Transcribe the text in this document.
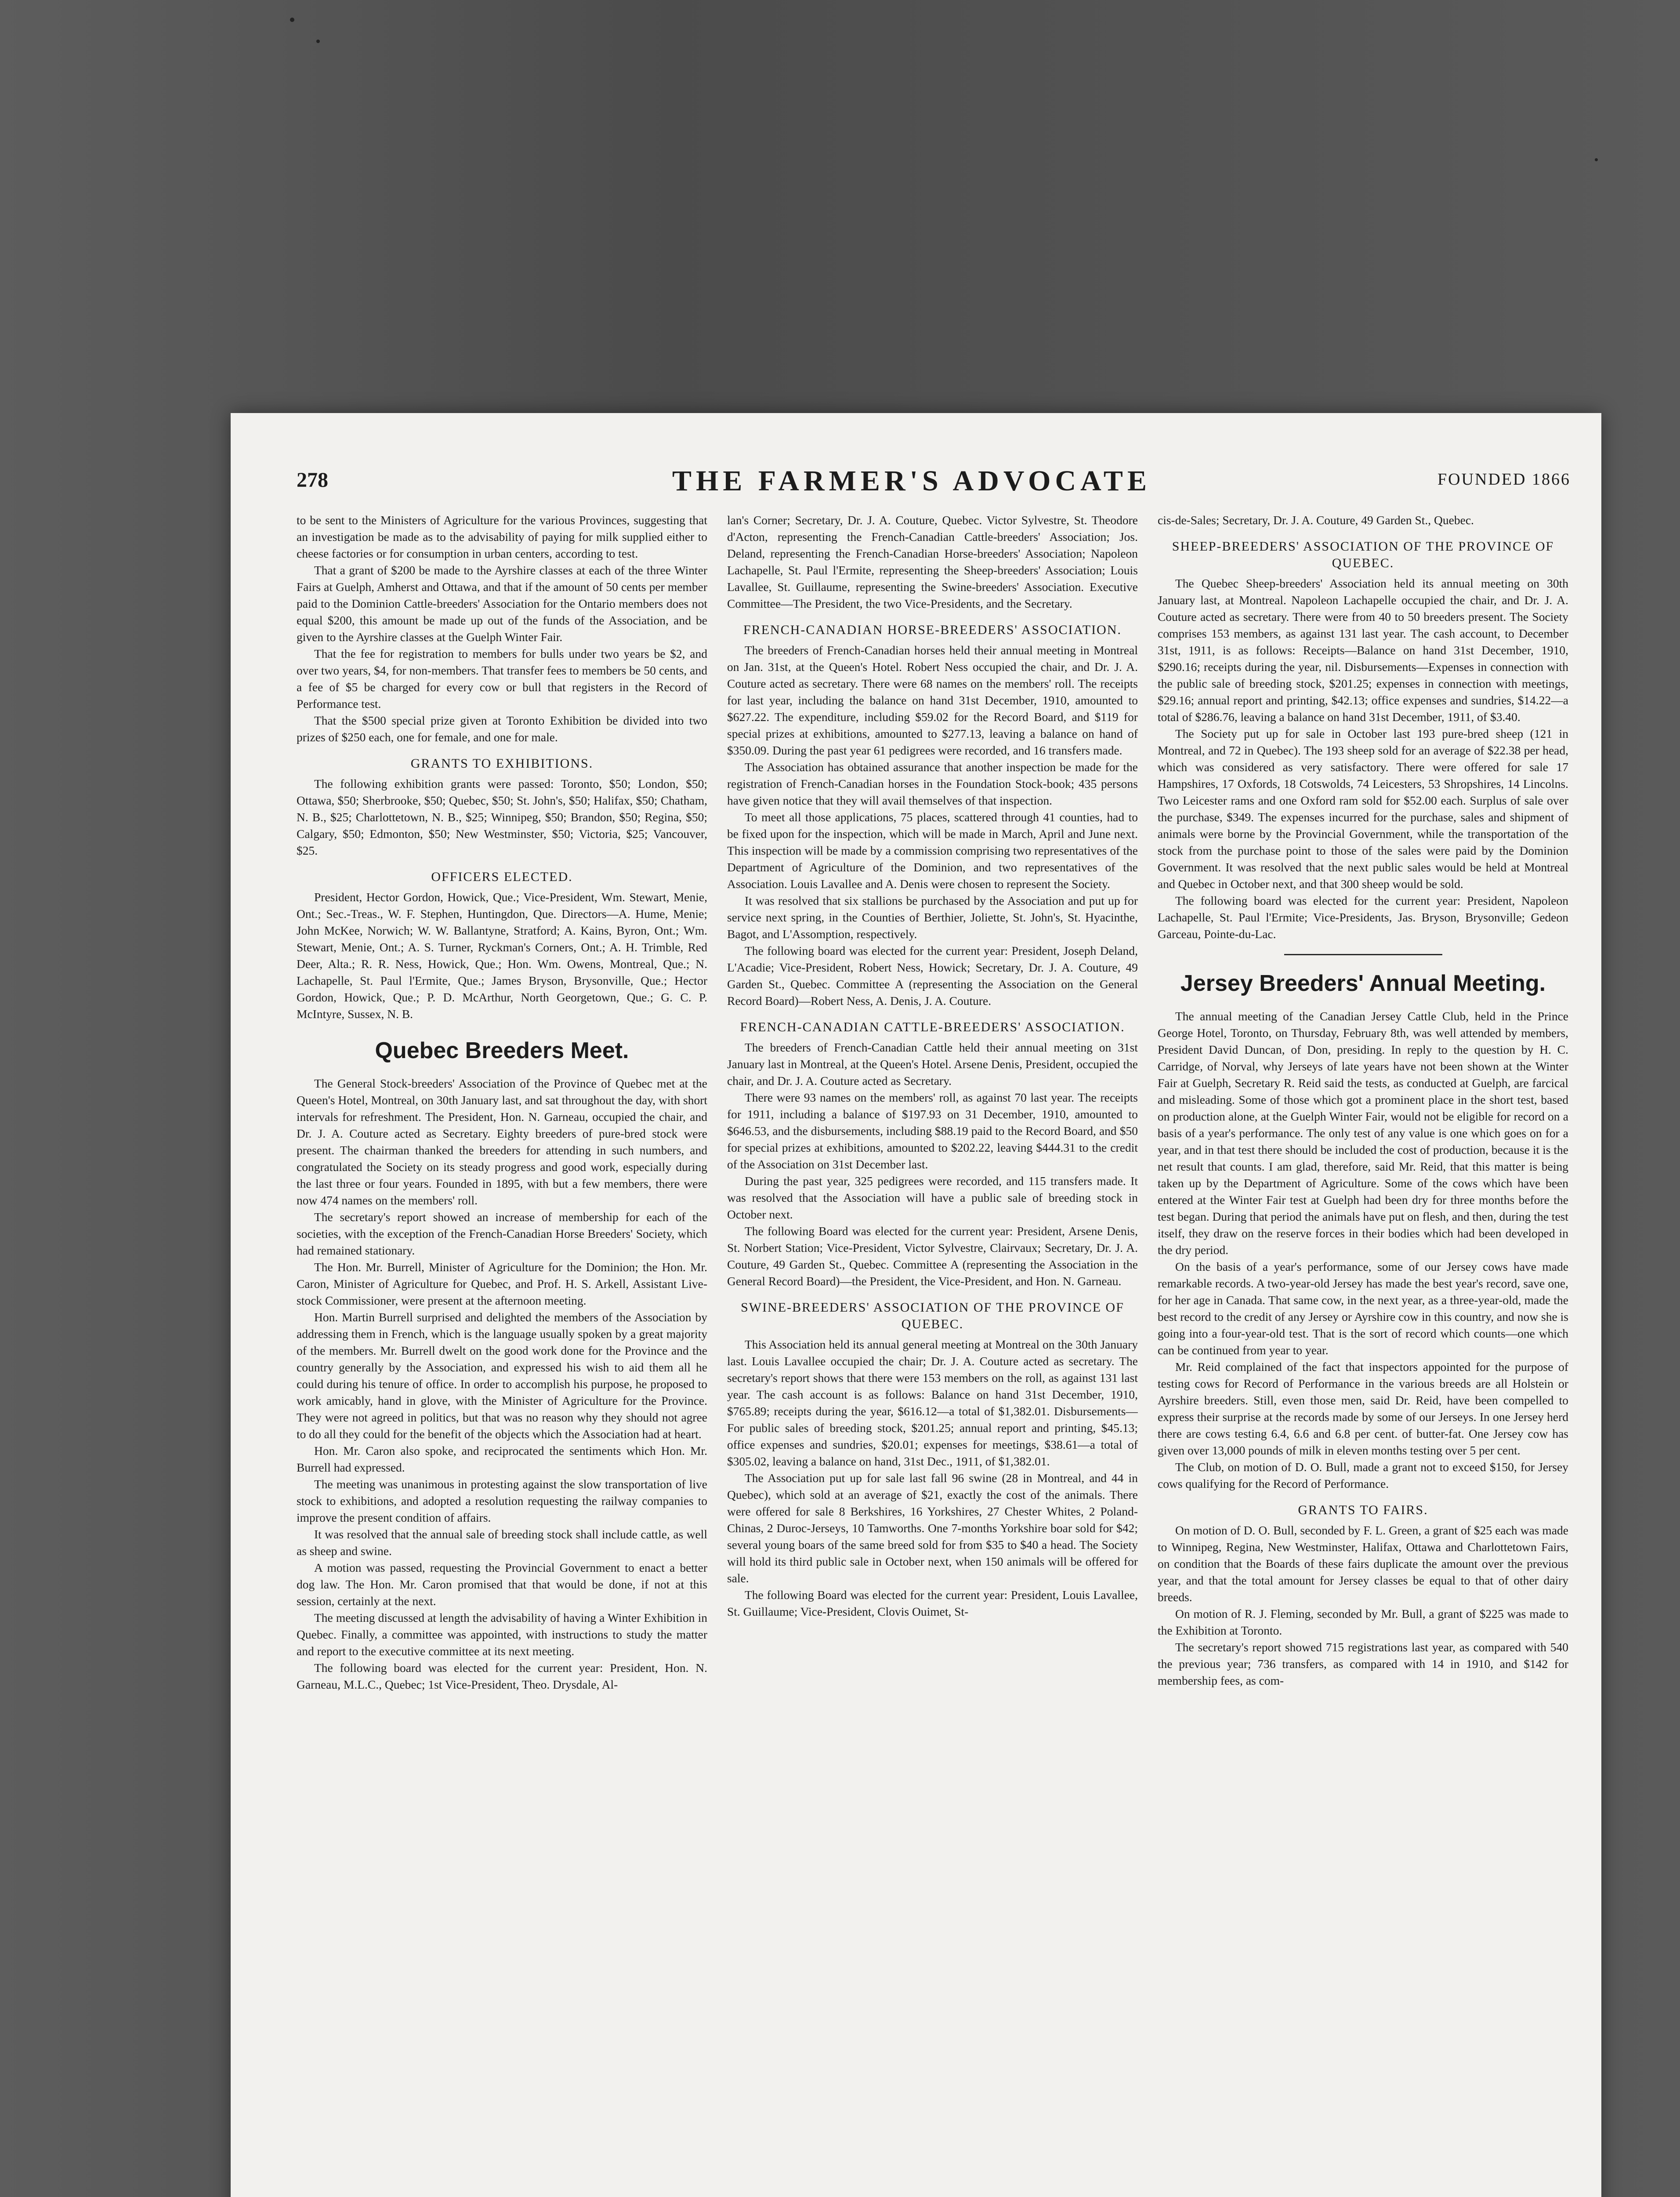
278	THE FARMER'S ADVOCATE	FOUNDED 1866

to be sent to the Ministers of Agriculture for the various Provinces, suggesting that an investigation be made as to the advisability of paying for milk supplied either to cheese factories or for consumption in urban centers, according to test.

That a grant of $200 be made to the Ayrshire classes at each of the three Winter Fairs at Guelph, Amherst and Ottawa, and that if the amount of 50 cents per member paid to the Dominion Cattle-breeders' Association for the Ontario members does not equal $200, this amount be made up out of the funds of the Association, and be given to the Ayrshire classes at the Guelph Winter Fair.

That the fee for registration to members for bulls under two years be $2, and over two years, $4, for non-members. That transfer fees to members be 50 cents, and a fee of $5 be charged for every cow or bull that registers in the Record of Performance test.

That the $500 special prize given at Toronto Exhibition be divided into two prizes of $250 each, one for female, and one for male.

GRANTS TO EXHIBITIONS.

The following exhibition grants were passed: Toronto, $50; London, $50; Ottawa, $50; Sherbrooke, $50; Quebec, $50; St. John's, $50; Halifax, $50; Chatham, N. B., $25; Charlottetown, N. B., $25; Winnipeg, $50; Brandon, $50; Regina, $50; Calgary, $50; Edmonton, $50; New Westminster, $50; Victoria, $25; Vancouver, $25.

OFFICERS ELECTED.

President, Hector Gordon, Howick, Que.; Vice-President, Wm. Stewart, Menie, Ont.; Sec.-Treas., W. F. Stephen, Huntingdon, Que. Directors—A. Hume, Menie; John McKee, Norwich; W. W. Ballantyne, Stratford; A. Kains, Byron, Ont.; Wm. Stewart, Menie, Ont.; A. S. Turner, Ryckman's Corners, Ont.; A. H. Trimble, Red Deer, Alta.; R. R. Ness, Howick, Que.; Hon. Wm. Owens, Montreal, Que.; N. Lachapelle, St. Paul l'Ermite, Que.; James Bryson, Brysonville, Que.; Hector Gordon, Howick, Que.; P. D. McArthur, North Georgetown, Que.; G. C. P. McIntyre, Sussex, N. B.

Quebec Breeders Meet.

The General Stock-breeders' Association of the Province of Quebec met at the Queen's Hotel, Montreal, on 30th January last, and sat throughout the day, with short intervals for refreshment. The President, Hon. N. Garneau, occupied the chair, and Dr. J. A. Couture acted as Secretary. Eighty breeders of pure-bred stock were present. The chairman thanked the breeders for attending in such numbers, and congratulated the Society on its steady progress and good work, especially during the last three or four years. Founded in 1895, with but a few members, there were now 474 names on the members' roll.

The secretary's report showed an increase of membership for each of the societies, with the exception of the French-Canadian Horse Breeders' Society, which had remained stationary.

The Hon. Mr. Burrell, Minister of Agriculture for the Dominion; the Hon. Mr. Caron, Minister of Agriculture for Quebec, and Prof. H. S. Arkell, Assistant Live-stock Commissioner, were present at the afternoon meeting.

Hon. Martin Burrell surprised and delighted the members of the Association by addressing them in French, which is the language usually spoken by a great majority of the members. Mr. Burrell dwelt on the good work done for the Province and the country generally by the Association, and expressed his wish to aid them all he could during his tenure of office. In order to accomplish his purpose, he proposed to work amicably, hand in glove, with the Minister of Agriculture for the Province. They were not agreed in politics, but that was no reason why they should not agree to do all they could for the benefit of the objects which the Association had at heart.

Hon. Mr. Caron also spoke, and reciprocated the sentiments which Hon. Mr. Burrell had expressed.

The meeting was unanimous in protesting against the slow transportation of live stock to exhibitions, and adopted a resolution requesting the railway companies to improve the present condition of affairs.

It was resolved that the annual sale of breeding stock shall include cattle, as well as sheep and swine.

A motion was passed, requesting the Provincial Government to enact a better dog law. The Hon. Mr. Caron promised that that would be done, if not at this session, certainly at the next.

The meeting discussed at length the advisability of having a Winter Exhibition in Quebec. Finally, a committee was appointed, with instructions to study the matter and report to the executive committee at its next meeting.

The following board was elected for the current year: President, Hon. N. Garneau, M.L.C., Quebec; 1st Vice-President, Theo. Drysdale, Al-

lan's Corner; Secretary, Dr. J. A. Couture, Quebec. Victor Sylvestre, St. Theodore d'Acton, representing the French-Canadian Cattle-breeders' Association; Jos. Deland, representing the French-Canadian Horse-breeders' Association; Napoleon Lachapelle, St. Paul l'Ermite, representing the Sheep-breeders' Association; Louis Lavallee, St. Guillaume, representing the Swine-breeders' Association. Executive Committee—The President, the two Vice-Presidents, and the Secretary.

FRENCH-CANADIAN HORSE-BREEDERS' ASSOCIATION.

The breeders of French-Canadian horses held their annual meeting in Montreal on Jan. 31st, at the Queen's Hotel. Robert Ness occupied the chair, and Dr. J. A. Couture acted as secretary. There were 68 names on the members' roll. The receipts for last year, including the balance on hand 31st December, 1910, amounted to $627.22. The expenditure, including $59.02 for the Record Board, and $119 for special prizes at exhibitions, amounted to $277.13, leaving a balance on hand of $350.09. During the past year 61 pedigrees were recorded, and 16 transfers made.

The Association has obtained assurance that another inspection be made for the registration of French-Canadian horses in the Foundation Stock-book; 435 persons have given notice that they will avail themselves of that inspection.

To meet all those applications, 75 places, scattered through 41 counties, had to be fixed upon for the inspection, which will be made in March, April and June next. This inspection will be made by a commission comprising two representatives of the Department of Agriculture of the Dominion, and two representatives of the Association. Louis Lavallee and A. Denis were chosen to represent the Society.

It was resolved that six stallions be purchased by the Association and put up for service next spring, in the Counties of Berthier, Joliette, St. John's, St. Hyacinthe, Bagot, and L'Assomption, respectively.

The following board was elected for the current year: President, Joseph Deland, L'Acadie; Vice-President, Robert Ness, Howick; Secretary, Dr. J. A. Couture, 49 Garden St., Quebec. Committee A (representing the Association on the General Record Board)—Robert Ness, A. Denis, J. A. Couture.

FRENCH-CANADIAN CATTLE-BREEDERS' ASSOCIATION.

The breeders of French-Canadian Cattle held their annual meeting on 31st January last in Montreal, at the Queen's Hotel. Arsene Denis, President, occupied the chair, and Dr. J. A. Couture acted as Secretary.

There were 93 names on the members' roll, as against 70 last year. The receipts for 1911, including a balance of $197.93 on 31 December, 1910, amounted to $646.53, and the disbursements, including $88.19 paid to the Record Board, and $50 for special prizes at exhibitions, amounted to $202.22, leaving $444.31 to the credit of the Association on 31st December last.

During the past year, 325 pedigrees were recorded, and 115 transfers made. It was resolved that the Association will have a public sale of breeding stock in October next.

The following Board was elected for the current year: President, Arsene Denis, St. Norbert Station; Vice-President, Victor Sylvestre, Clairvaux; Secretary, Dr. J. A. Couture, 49 Garden St., Quebec. Committee A (representing the Association in the General Record Board)—the President, the Vice-President, and Hon. N. Garneau.

SWINE-BREEDERS' ASSOCIATION OF THE PROVINCE OF QUEBEC.

This Association held its annual general meeting at Montreal on the 30th January last. Louis Lavallee occupied the chair; Dr. J. A. Couture acted as secretary. The secretary's report shows that there were 153 members on the roll, as against 131 last year. The cash account is as follows: Balance on hand 31st December, 1910, $765.89; receipts during the year, $616.12—a total of $1,382.01. Disbursements—For public sales of breeding stock, $201.25; annual report and printing, $45.13; office expenses and sundries, $20.01; expenses for meetings, $38.61—a total of $305.02, leaving a balance on hand, 31st Dec., 1911, of $1,382.01.

The Association put up for sale last fall 96 swine (28 in Montreal, and 44 in Quebec), which sold at an average of $21, exactly the cost of the animals. There were offered for sale 8 Berkshires, 16 Yorkshires, 27 Chester Whites, 2 Poland-Chinas, 2 Duroc-Jerseys, 10 Tamworths. One 7-months Yorkshire boar sold for $42; several young boars of the same breed sold for from $35 to $40 a head. The Society will hold its third public sale in October next, when 150 animals will be offered for sale.

The following Board was elected for the current year: President, Louis Lavallee, St. Guillaume; Vice-President, Clovis Ouimet, St-

cis-de-Sales; Secretary, Dr. J. A. Couture, 49 Garden St., Quebec.

SHEEP-BREEDERS' ASSOCIATION OF THE PROVINCE OF QUEBEC.

The Quebec Sheep-breeders' Association held its annual meeting on 30th January last, at Montreal. Napoleon Lachapelle occupied the chair, and Dr. J. A. Couture acted as secretary. There were from 40 to 50 breeders present. The Society comprises 153 members, as against 131 last year. The cash account, to December 31st, 1911, is as follows: Receipts—Balance on hand 31st December, 1910, $290.16; receipts during the year, nil. Disbursements—Expenses in connection with the public sale of breeding stock, $201.25; expenses in connection with meetings, $29.16; annual report and printing, $42.13; office expenses and sundries, $14.22—a total of $286.76, leaving a balance on hand 31st December, 1911, of $3.40.

The Society put up for sale in October last 193 pure-bred sheep (121 in Montreal, and 72 in Quebec). The 193 sheep sold for an average of $22.38 per head, which was considered as very satisfactory. There were offered for sale 17 Hampshires, 17 Oxfords, 18 Cotswolds, 74 Leicesters, 53 Shropshires, 14 Lincolns. Two Leicester rams and one Oxford ram sold for $52.00 each. Surplus of sale over the purchase, $349. The expenses incurred for the purchase, sales and shipment of animals were borne by the Provincial Government, while the transportation of the stock from the purchase point to those of the sales were paid by the Dominion Government. It was resolved that the next public sales would be held at Montreal and Quebec in October next, and that 300 sheep would be sold.

The following board was elected for the current year: President, Napoleon Lachapelle, St. Paul l'Ermite; Vice-Presidents, Jas. Bryson, Brysonville; Gedeon Garceau, Pointe-du-Lac.

Jersey Breeders' Annual Meeting.

The annual meeting of the Canadian Jersey Cattle Club, held in the Prince George Hotel, Toronto, on Thursday, February 8th, was well attended by members, President David Duncan, of Don, presiding. In reply to the question by H. C. Carridge, of Norval, why Jerseys of late years have not been shown at the Winter Fair at Guelph, Secretary R. Reid said the tests, as conducted at Guelph, are farcical and misleading. Some of those which got a prominent place in the short test, based on production alone, at the Guelph Winter Fair, would not be eligible for record on a basis of a year's performance. The only test of any value is one which goes on for a year, and in that test there should be included the cost of production, because it is the net result that counts. I am glad, therefore, said Mr. Reid, that this matter is being taken up by the Department of Agriculture. Some of the cows which have been entered at the Winter Fair test at Guelph had been dry for three months before the test began. During that period the animals have put on flesh, and then, during the test itself, they draw on the reserve forces in their bodies which had been developed in the dry period.

On the basis of a year's performance, some of our Jersey cows have made remarkable records. A two-year-old Jersey has made the best year's record, save one, for her age in Canada. That same cow, in the next year, as a three-year-old, made the best record to the credit of any Jersey or Ayrshire cow in this country, and now she is going into a four-year-old test. That is the sort of record which counts—one which can be continued from year to year.

Mr. Reid complained of the fact that inspectors appointed for the purpose of testing cows for Record of Performance in the various breeds are all Holstein or Ayrshire breeders. Still, even those men, said Dr. Reid, have been compelled to express their surprise at the records made by some of our Jerseys. In one Jersey herd there are cows testing 6.4, 6.6 and 6.8 per cent. of butter-fat. One Jersey cow has given over 13,000 pounds of milk in eleven months testing over 5 per cent.

The Club, on motion of D. O. Bull, made a grant not to exceed $150, for Jersey cows qualifying for the Record of Performance.

GRANTS TO FAIRS.

On motion of D. O. Bull, seconded by F. L. Green, a grant of $25 each was made to Winnipeg, Regina, New Westminster, Halifax, Ottawa and Charlottetown Fairs, on condition that the Boards of these fairs duplicate the amount over the previous year, and that the total amount for Jersey classes be equal to that of other dairy breeds.

On motion of R. J. Fleming, seconded by Mr. Bull, a grant of $225 was made to the Exhibition at Toronto.

The secretary's report showed 715 registrations last year, as compared with 540 the previous year; 736 transfers, as compared with 14 in 1910, and $142 for membership fees, as com-
